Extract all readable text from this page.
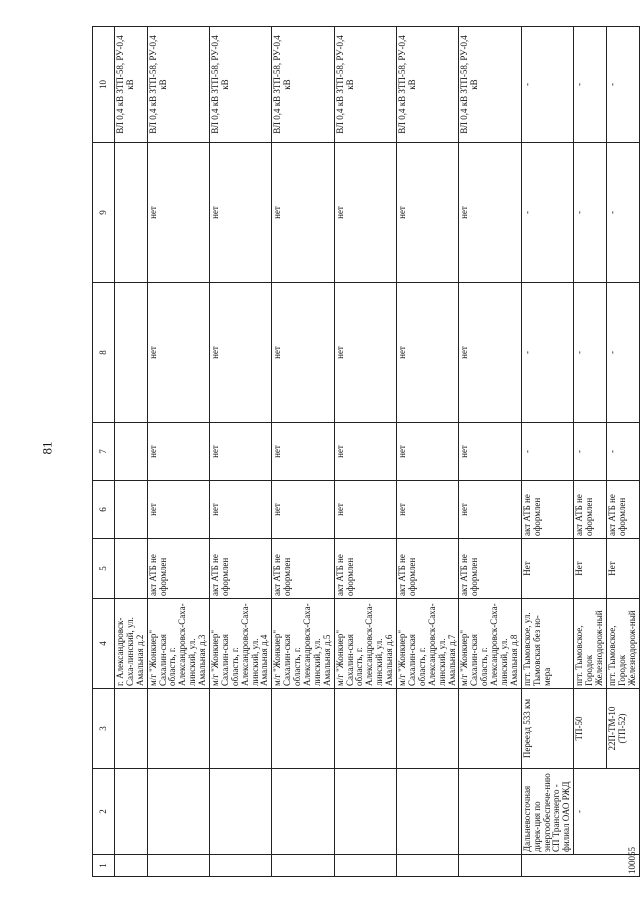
81
1	2	3	4	5	6	7	8	9	10
			г. Александровск-Саха-линский, ул. Амальная д.2						ВЛ 0,4 кВ ЗТП-58, РУ-0,4 кВ
			м/г "Жонкиер" Сахалин-ская область, г. Александровск-Саха-линский, ул. Амальная д.3	акт АТБ не оформлен	нет	нет	нет	нет	ВЛ 0,4 кВ ЗТП-58, РУ-0,4 кВ
			м/г "Жонкиер" Сахалин-ская область, г. Александровск-Саха-линский, ул. Амальная д.4	акт АТБ не оформлен	нет	нет	нет	нет	ВЛ 0,4 кВ ЗТП-58, РУ-0,4 кВ
			м/г "Жонкиер" Сахалин-ская область, г. Александровск-Саха-линский, ул. Амальная д.5	акт АТБ не оформлен	нет	нет	нет	нет	ВЛ 0,4 кВ ЗТП-58, РУ-0,4 кВ
			м/г "Жонкиер" Сахалин-ская область, г. Александровск-Саха-линский, ул. Амальная д.6	акт АТБ не оформлен	нет	нет	нет	нет	ВЛ 0,4 кВ ЗТП-58, РУ-0,4 кВ
			м/г "Жонкиер" Сахалин-ская область, г. Александровск-Саха-линский, ул. Амальная д.7	акт АТБ не оформлен	нет	нет	нет	нет	ВЛ 0,4 кВ ЗТП-58, РУ-0,4 кВ
			м/г "Жонкиер" Сахалин-ская область, г. Александровск-Саха-линский, ул. Амальная д.8	акт АТБ не оформлен	нет	нет	нет	нет	ВЛ 0,4 кВ ЗТП-58, РУ-0,4 кВ
100055	Дальневосточная дирек-ция по энергообеспече-нию СП Трансэнерго - филиал ОАО РЖД	Переезд 533 км	пгт. Тымовское, ул. Тымовская без но-мера	Нет	акт АТБ не оформлен	-	-	-	-
	-	ТП-50	пгт. Тымовское, Городок Железнодорож-ный	Нет	акт АТБ не оформлен	-	-	-	-
		22П-ТМ-10 (ТП-52)	пгт. Тымовское, Городок Железнодорож-ный	Нет	акт АТБ не оформлен	-	-	-	-
